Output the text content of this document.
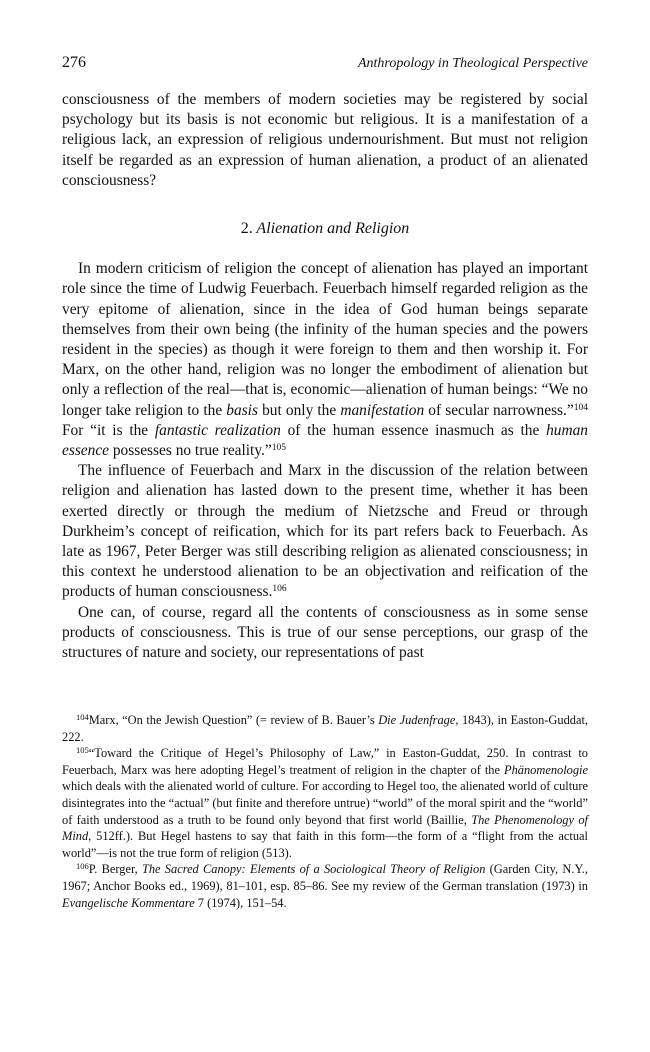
276	Anthropology in Theological Perspective

consciousness of the members of modern societies may be registered by social psychology but its basis is not economic but religious. It is a manifestation of a religious lack, an expression of religious undernourishment. But must not religion itself be regarded as an expression of human alienation, a product of an alienated consciousness?

2. Alienation and Religion

In modern criticism of religion the concept of alienation has played an important role since the time of Ludwig Feuerbach. Feuerbach himself regarded religion as the very epitome of alienation, since in the idea of God human beings separate themselves from their own being (the infinity of the human species and the powers resident in the species) as though it were foreign to them and then worship it. For Marx, on the other hand, religion was no longer the embodiment of alienation but only a reflection of the real—that is, economic—alienation of human beings: “We no longer take religion to the basis but only the manifestation of secular narrowness.”$^{104}$ For “it is the fantastic realization of the human essence inasmuch as the human essence possesses no true reality.”$^{105}$

The influence of Feuerbach and Marx in the discussion of the relation between religion and alienation has lasted down to the present time, whether it has been exerted directly or through the medium of Nietzsche and Freud or through Durkheim’s concept of reification, which for its part refers back to Feuerbach. As late as 1967, Peter Berger was still describing religion as alienated consciousness; in this context he understood alienation to be an objectivation and reification of the products of human consciousness.$^{106}$

One can, of course, regard all the contents of consciousness as in some sense products of consciousness. This is true of our sense perceptions, our grasp of the structures of nature and society, our representations of past

$^{104}$Marx, “On the Jewish Question” (= review of B. Bauer’s Die Judenfrage, 1843), in Easton-Guddat, 222.

$^{105}$“Toward the Critique of Hegel’s Philosophy of Law,” in Easton-Guddat, 250. In contrast to Feuerbach, Marx was here adopting Hegel’s treatment of religion in the chapter of the Phänomenologie which deals with the alienated world of culture. For according to Hegel too, the alienated world of culture disintegrates into the “actual” (but finite and therefore untrue) “world” of the moral spirit and the “world” of faith understood as a truth to be found only beyond that first world (Baillie, The Phenomenology of Mind, 512ff.). But Hegel hastens to say that faith in this form—the form of a “flight from the actual world”—is not the true form of religion (513).

$^{106}$P. Berger, The Sacred Canopy: Elements of a Sociological Theory of Religion (Garden City, N.Y., 1967; Anchor Books ed., 1969), 81–101, esp. 85–86. See my review of the German translation (1973) in Evangelische Kommentare 7 (1974), 151–54.
